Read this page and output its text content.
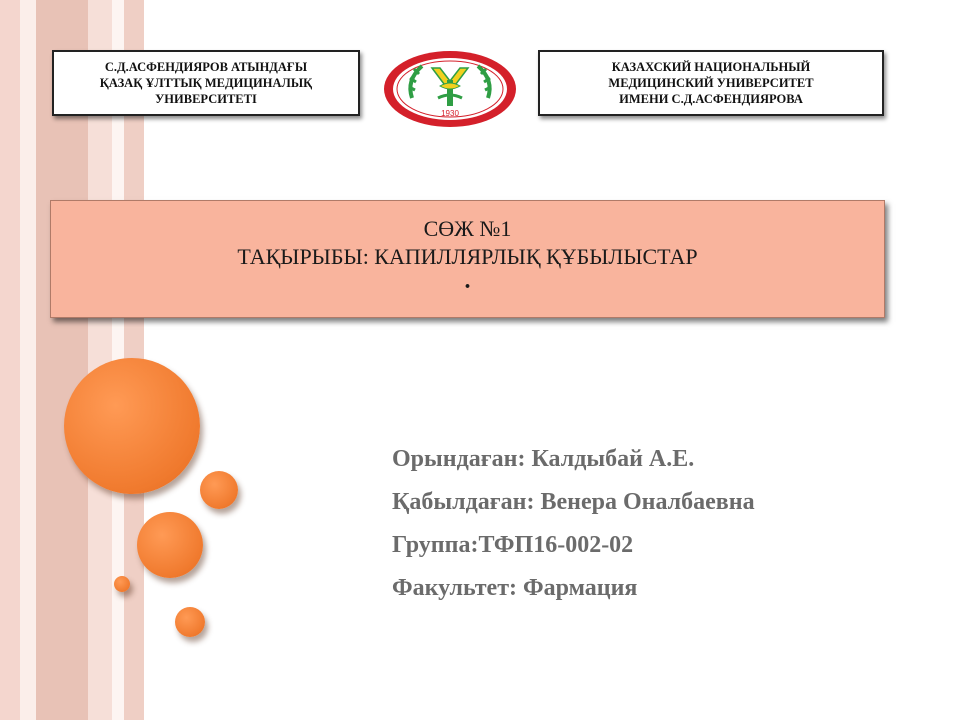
С.Д.АСФЕНДИЯРОВ АТЫНДАҒЫ
ҚАЗАҚ ҰЛТТЫҚ МЕДИЦИНАЛЫҚ
УНИВЕРСИТЕТІ
1930
КАЗАХСКИЙ НАЦИОНАЛЬНЫЙ
МЕДИЦИНСКИЙ УНИВЕРСИТЕТ
ИМЕНИ С.Д.АСФЕНДИЯРОВА
СӨЖ №1
ТАҚЫРЫБЫ: КАПИЛЛЯРЛЫҚ ҚҰБЫЛЫСТАР
.
Орындаған: Калдыбай А.Е.
Қабылдаған: Венера Оналбаевна
Группа:ТФП16-002-02
Факультет: Фармация
